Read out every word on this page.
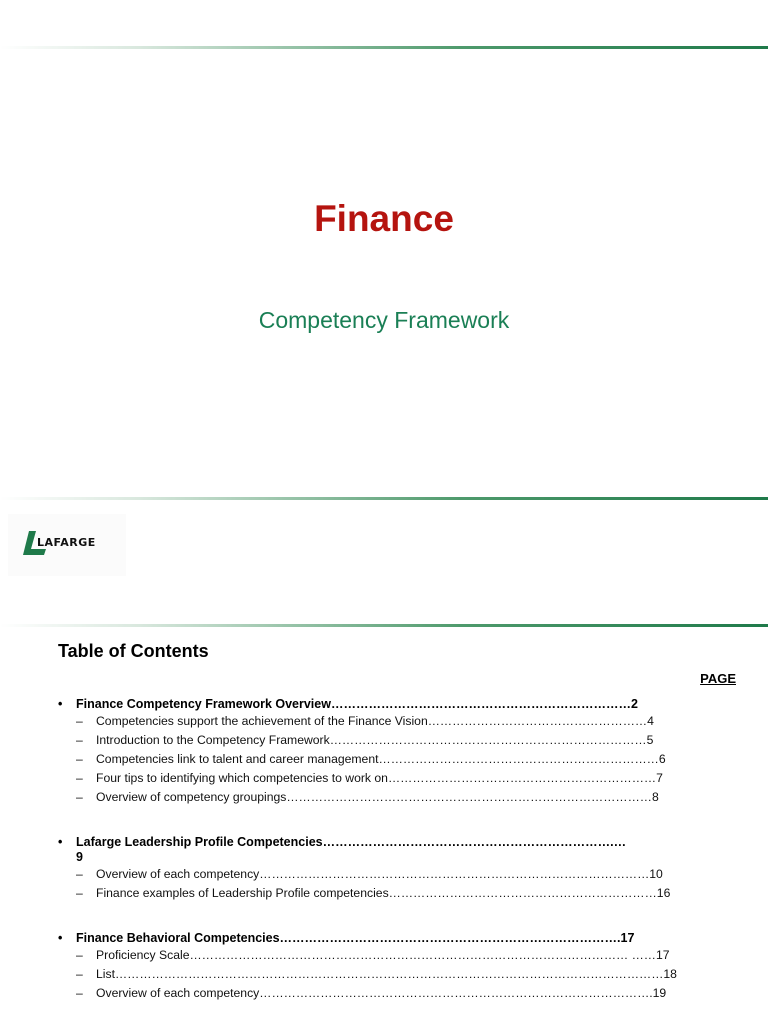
Finance
Competency Framework
LAFARGE
Table of Contents
PAGE
• Finance Competency Framework Overview………………………………………………………………2
– Competencies support the achievement of the Finance Vision………………………………………………4
– Introduction to the Competency Framework……………………………………………………………………5
– Competencies link to talent and career management……………………………………………………………6
– Four tips to identifying which competencies to work on…………………………………………………………7
– Overview of competency groupings………………………………………………………………………………8
• Lafarge Leadership Profile Competencies…………………………………………………………….…
9
– Overview of each competency……………………………………………………………………………………10
– Finance examples of Leadership Profile competencies…………………………………………………………16
• Finance Behavioral Competencies……………………………………………………………………….17
– Proficiency Scale……………………………………………………………………………………………… ……17
– List………………………………………………………………………………………………………………………18
– Overview of each competency…………………………………………………………………………………….19
